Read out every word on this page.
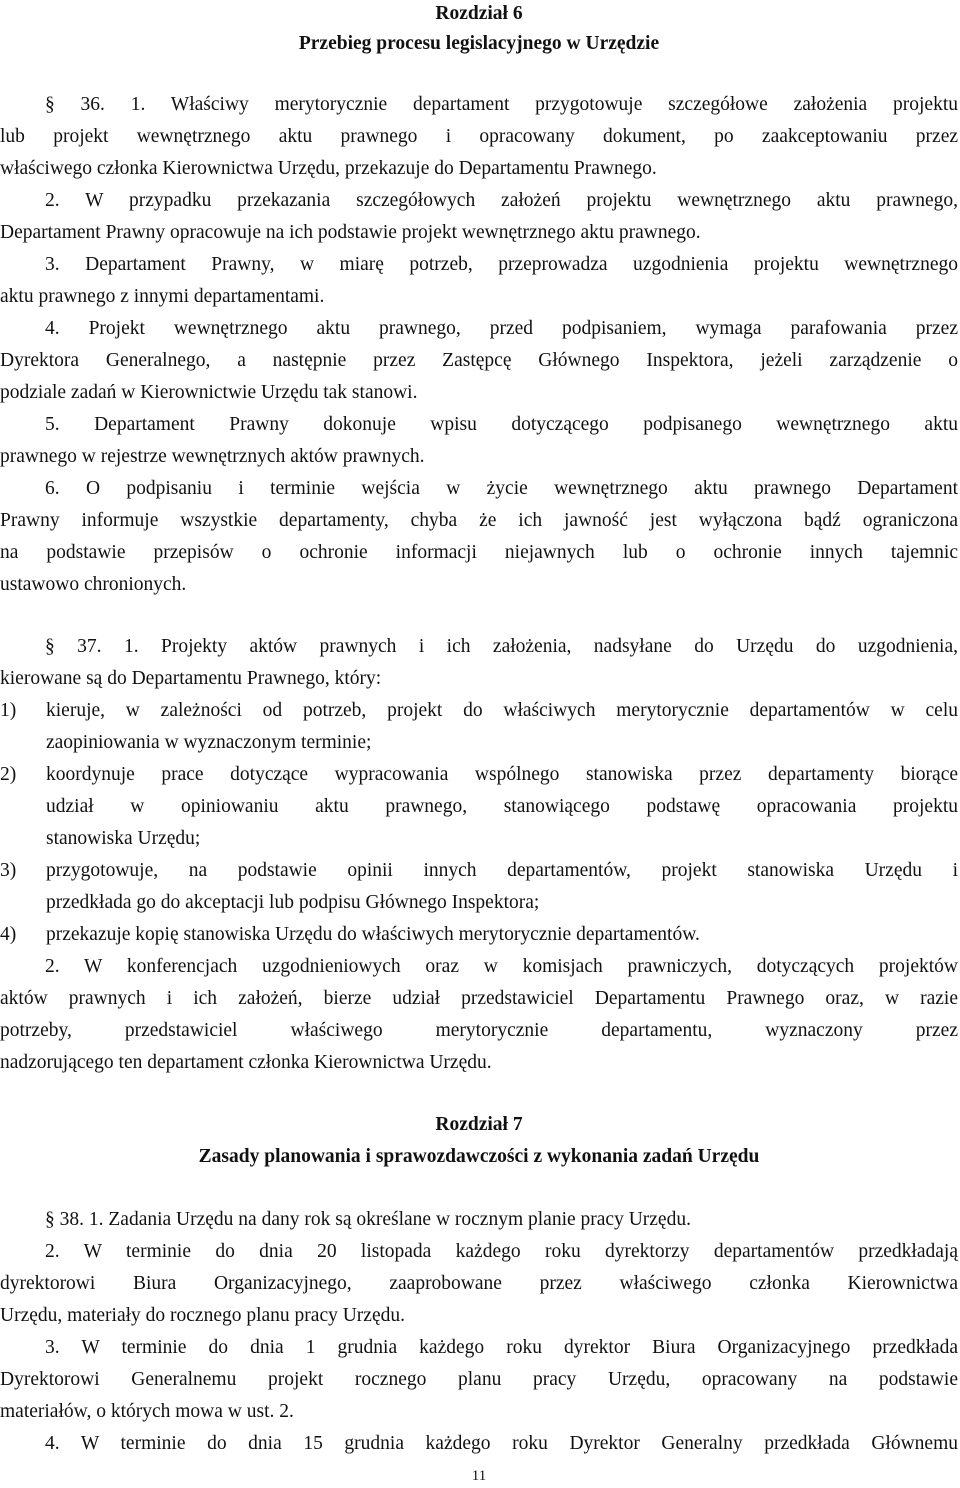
Rozdział 6
Przebieg procesu legislacyjnego w Urzędzie
§ 36. 1. Właściwy merytorycznie departament przygotowuje szczegółowe założenia projektu
lub projekt wewnętrznego aktu prawnego i opracowany dokument, po zaakceptowaniu przez
właściwego członka Kierownictwa Urzędu, przekazuje do Departamentu Prawnego.
2. W przypadku przekazania szczegółowych założeń projektu wewnętrznego aktu prawnego,
Departament Prawny opracowuje na ich podstawie projekt wewnętrznego aktu prawnego.
3. Departament Prawny, w miarę potrzeb, przeprowadza uzgodnienia projektu wewnętrznego
aktu prawnego z innymi departamentami.
4. Projekt wewnętrznego aktu prawnego, przed podpisaniem, wymaga parafowania przez
Dyrektora Generalnego, a następnie przez Zastępcę Głównego Inspektora, jeżeli zarządzenie o
podziale zadań w Kierownictwie Urzędu tak stanowi.
5. Departament Prawny dokonuje wpisu dotyczącego podpisanego wewnętrznego aktu
prawnego w rejestrze wewnętrznych aktów prawnych.
6. O podpisaniu i terminie wejścia w życie wewnętrznego aktu prawnego Departament
Prawny informuje wszystkie departamenty, chyba że ich jawność jest wyłączona bądź ograniczona
na podstawie przepisów o ochronie informacji niejawnych lub o ochronie innych tajemnic
ustawowo chronionych.
§ 37. 1. Projekty aktów prawnych i ich założenia, nadsyłane do Urzędu do uzgodnienia,
kierowane są do Departamentu Prawnego, który:
1) kieruje, w zależności od potrzeb, projekt do właściwych merytorycznie departamentów w celu
zaopiniowania w wyznaczonym terminie;
2) koordynuje prace dotyczące wypracowania wspólnego stanowiska przez departamenty biorące
udział w opiniowaniu aktu prawnego, stanowiącego podstawę opracowania projektu
stanowiska Urzędu;
3) przygotowuje, na podstawie opinii innych departamentów, projekt stanowiska Urzędu i
przedkłada go do akceptacji lub podpisu Głównego Inspektora;
4) przekazuje kopię stanowiska Urzędu do właściwych merytorycznie departamentów.
2. W konferencjach uzgodnieniowych oraz w komisjach prawniczych, dotyczących projektów
aktów prawnych i ich założeń, bierze udział przedstawiciel Departamentu Prawnego oraz, w razie
potrzeby, przedstawiciel właściwego merytorycznie departamentu, wyznaczony przez
nadzorującego ten departament członka Kierownictwa Urzędu.
Rozdział 7
Zasady planowania i sprawozdawczości z wykonania zadań Urzędu
§ 38. 1. Zadania Urzędu na dany rok są określane w rocznym planie pracy Urzędu.
2. W terminie do dnia 20 listopada każdego roku dyrektorzy departamentów przedkładają
dyrektorowi Biura Organizacyjnego, zaaprobowane przez właściwego członka Kierownictwa
Urzędu, materiały do rocznego planu pracy Urzędu.
3. W terminie do dnia 1 grudnia każdego roku dyrektor Biura Organizacyjnego przedkłada
Dyrektorowi Generalnemu projekt rocznego planu pracy Urzędu, opracowany na podstawie
materiałów, o których mowa w ust. 2.
4. W terminie do dnia 15 grudnia każdego roku Dyrektor Generalny przedkłada Głównemu
11
